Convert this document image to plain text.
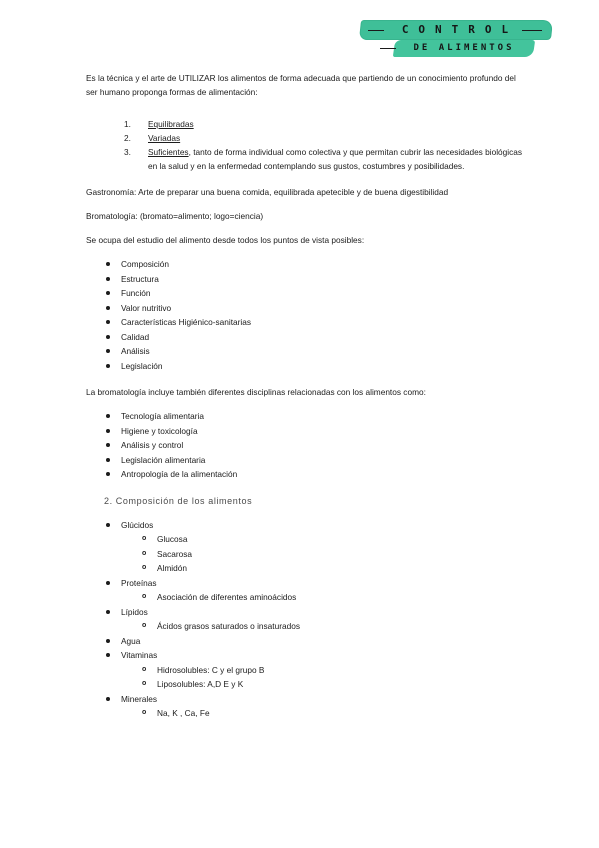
CONTROL
DE ALIMENTOS

Es la técnica y el arte de UTILIZAR los alimentos de forma adecuada que partiendo de un conocimiento profundo del ser humano proponga formas de alimentación:

1. Equilibradas
2. Variadas
3. Suficientes, tanto de forma individual como colectiva y que permitan cubrir las necesidades biológicas en la salud y en la enfermedad contemplando sus gustos, costumbres y posibilidades.

Gastronomía: Arte de preparar una buena comida, equilibrada apetecible y de buena digestibilidad

Bromatología: (bromato=alimento; logo=ciencia)

Se ocupa del estudio del alimento desde todos los puntos de vista posibles:

Composición
Estructura
Función
Valor nutritivo
Características Higiénico-sanitarias
Calidad
Análisis
Legislación

La bromatología incluye también diferentes disciplinas relacionadas con los alimentos como:

Tecnología alimentaria
Higiene y toxicología
Análisis y control
Legislación alimentaria
Antropología de la alimentación

2. Composición de los alimentos

Glúcidos
o Glucosa
o Sacarosa
o Almidón
Proteínas
o Asociación de diferentes aminoácidos
Lípidos
o Ácidos grasos saturados o insaturados
Agua
Vitaminas
o Hidrosolubles: C y el grupo B
o Liposolubles: A,D E y K
Minerales
o Na, K , Ca, Fe
